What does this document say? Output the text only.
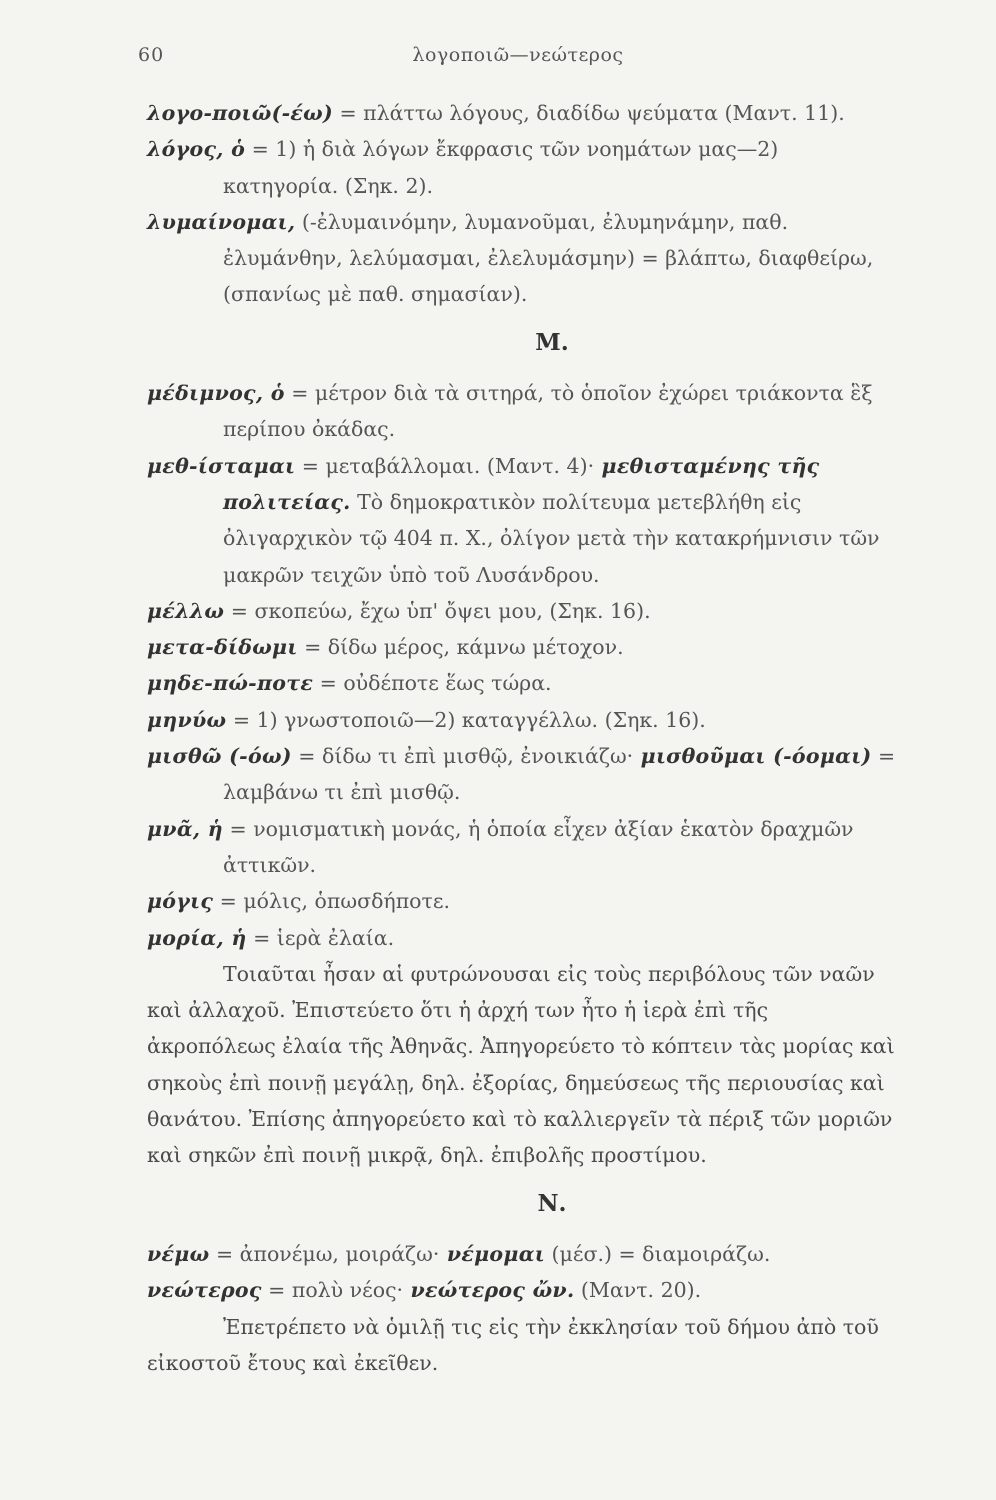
60	λογοποιῶ—νεώτερος

λογο-ποιῶ(-έω) = πλάττω λόγους, διαδίδω ψεύματα (Μαντ. 11).

λόγος, ὁ = 1) ἡ διὰ λόγων ἔκφρασις τῶν νοημάτων μας—2) κατηγορία. (Σηκ. 2).

λυμαίνομαι, (-ἐλυμαινόμην, λυμανοῦμαι, ἐλυμηνάμην, παθ. ἐλυμάνθην, λελύμασμαι, ἐλελυμάσμην) = βλάπτω, διαφθείρω, (σπανίως μὲ παθ. σημασίαν).

Μ.

μέδιμνος, ὁ = μέτρον διὰ τὰ σιτηρά, τὸ ὁποῖον ἐχώρει τριάκοντα ἓξ περίπου ὀκάδας.

μεθ-ίσταμαι = μεταβάλλομαι. (Μαντ. 4)· μεθισταμένης τῆς πολιτείας. Τὸ δημοκρατικὸν πολίτευμα μετεβλήθη εἰς ὀλιγαρχικὸν τῷ 404 π. Χ., ὀλίγον μετὰ τὴν κατακρήμνισιν τῶν μακρῶν τειχῶν ὑπὸ τοῦ Λυσάνδρου.

μέλλω = σκοπεύω, ἔχω ὑπ' ὄψει μου, (Σηκ. 16).

μετα-δίδωμι = δίδω μέρος, κάμνω μέτοχον.

μηδε-πώ-ποτε = οὐδέποτε ἕως τώρα.

μηνύω = 1) γνωστοποιῶ—2) καταγγέλλω. (Σηκ. 16).

μισθῶ (-όω) = δίδω τι ἐπὶ μισθῷ, ἐνοικιάζω· μισθοῦμαι (-όομαι) = λαμβάνω τι ἐπὶ μισθῷ.

μνᾶ, ἡ = νομισματικὴ μονάς, ἡ ὁποία εἶχεν ἀξίαν ἑκατὸν δραχμῶν ἀττικῶν.

μόγις = μόλις, ὁπωσδήποτε.

μορία, ἡ = ἱερὰ ἐλαία.

Τοιαῦται ἦσαν αἱ φυτρώνουσαι εἰς τοὺς περιβόλους τῶν ναῶν καὶ ἀλλαχοῦ. Ἐπιστεύετο ὅτι ἡ ἀρχή των ἦτο ἡ ἱερὰ ἐπὶ τῆς ἀκροπόλεως ἐλαία τῆς Ἀθηνᾶς. Ἀπηγορεύετο τὸ κόπτειν τὰς μορίας καὶ σηκοὺς ἐπὶ ποινῇ μεγάλῃ, δηλ. ἐξορίας, δημεύσεως τῆς περιουσίας καὶ θανάτου. Ἐπίσης ἀπηγορεύετο καὶ τὸ καλλιεργεῖν τὰ πέριξ τῶν μοριῶν καὶ σηκῶν ἐπὶ ποινῇ μικρᾷ, δηλ. ἐπιβολῆς προστίμου.

Ν.

νέμω = ἀπονέμω, μοιράζω· νέμομαι (μέσ.) = διαμοιράζω.

νεώτερος = πολὺ νέος· νεώτερος ὤν. (Μαντ. 20).

Ἐπετρέπετο νὰ ὁμιλῇ τις εἰς τὴν ἐκκλησίαν τοῦ δήμου ἀπὸ τοῦ εἰκοστοῦ ἔτους καὶ ἐκεῖθεν.
